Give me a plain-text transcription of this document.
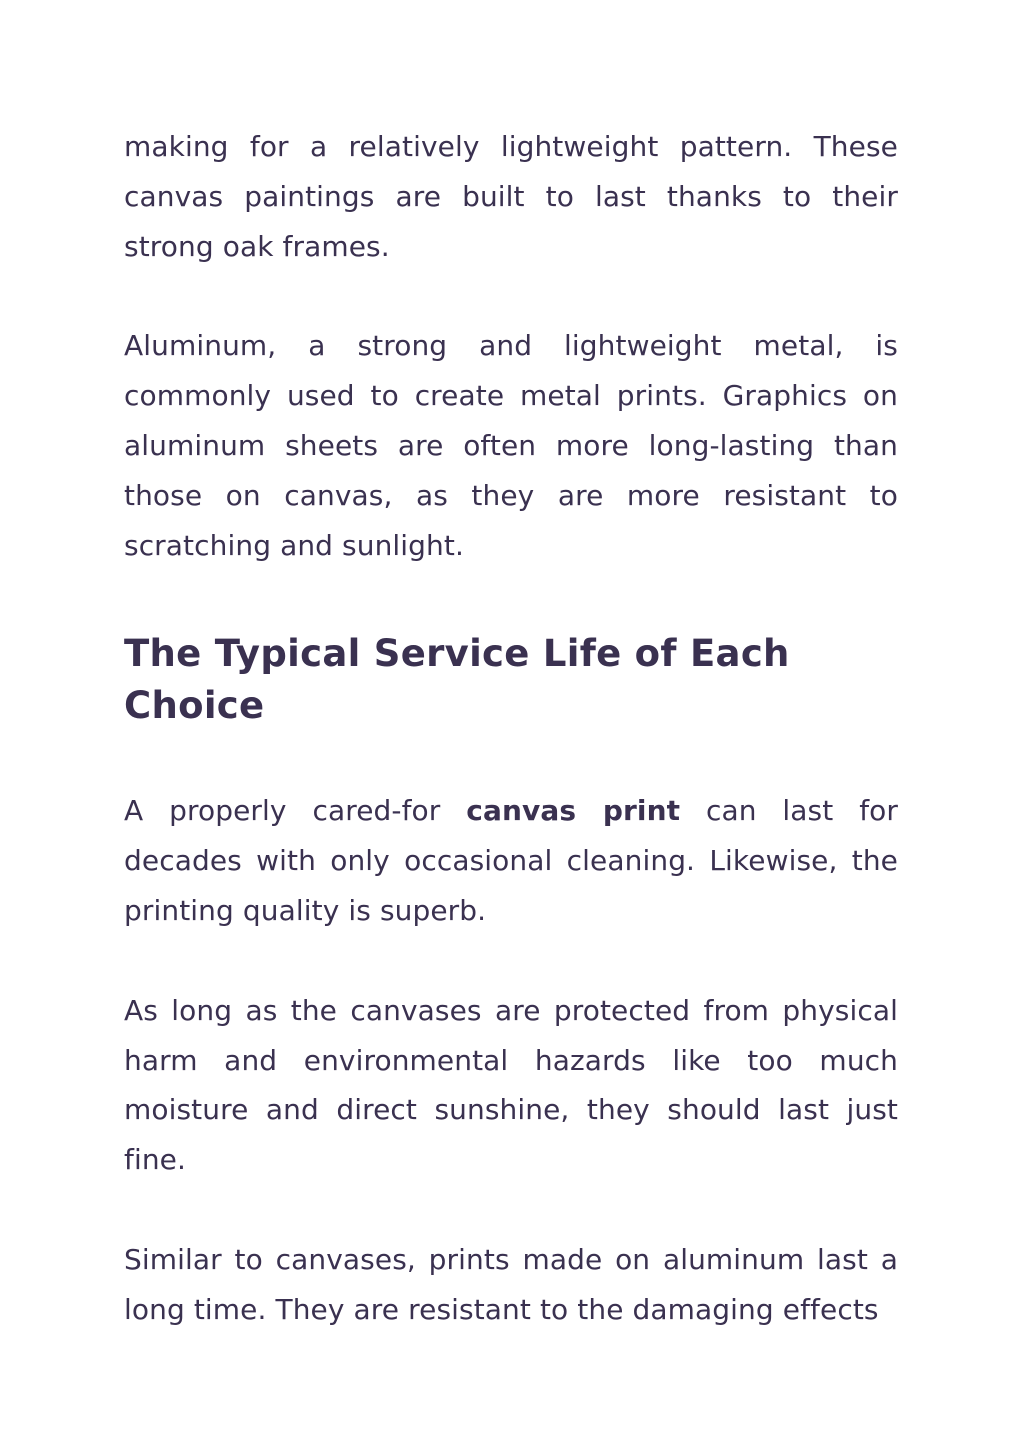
making for a relatively lightweight pattern. These canvas paintings are built to last thanks to their strong oak frames.

Aluminum, a strong and lightweight metal, is commonly used to create metal prints. Graphics on aluminum sheets are often more long-lasting than those on canvas, as they are more resistant to scratching and sunlight.

The Typical Service Life of Each Choice

A properly cared-for canvas print can last for decades with only occasional cleaning. Likewise, the printing quality is superb.

As long as the canvases are protected from physical harm and environmental hazards like too much moisture and direct sunshine, they should last just fine.

Similar to canvases, prints made on aluminum last a long time. They are resistant to the damaging effects
